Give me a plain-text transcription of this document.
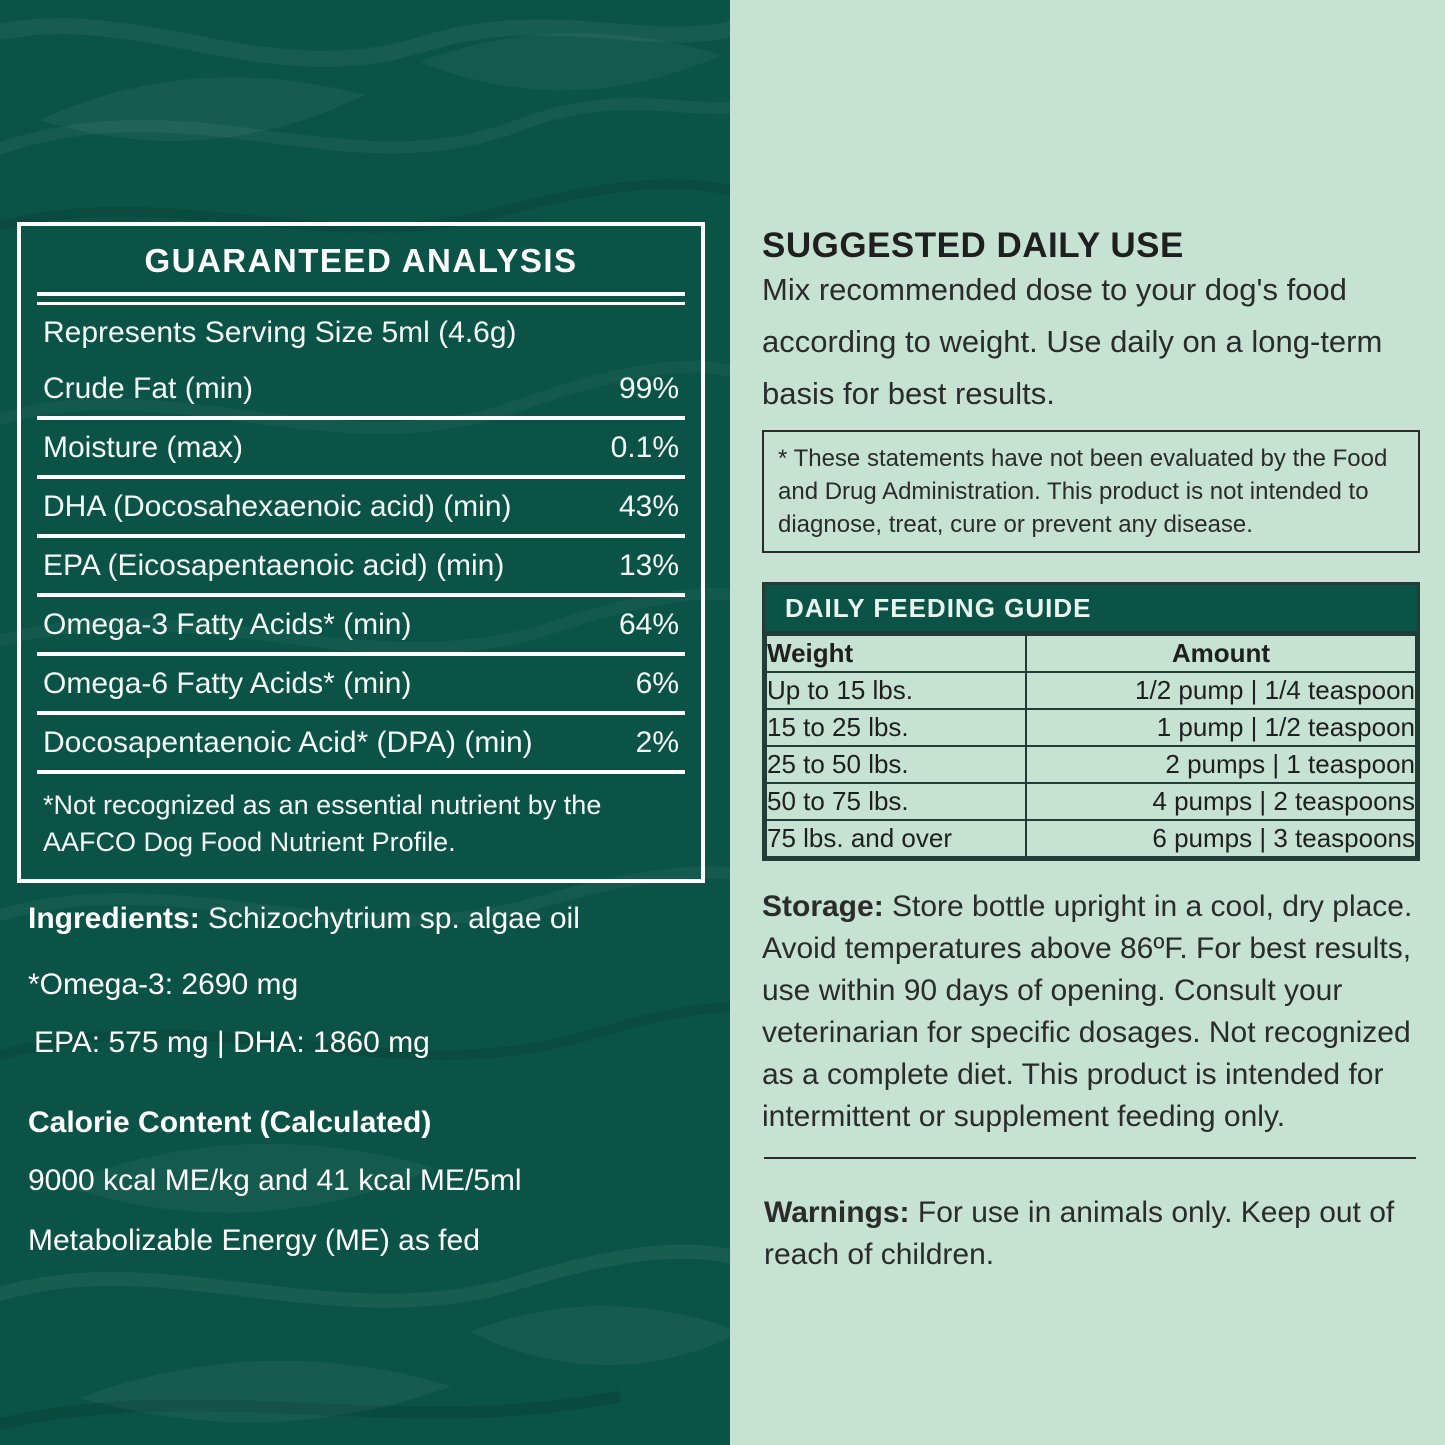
GUARANTEED ANALYSIS
Represents Serving Size 5ml (4.6g)
Crude Fat (min)	99%
Moisture (max)	0.1%
DHA (Docosahexaenoic acid) (min)	43%
EPA (Eicosapentaenoic acid) (min)	13%
Omega-3 Fatty Acids* (min)	64%
Omega-6 Fatty Acids* (min)	6%
Docosapentaenoic Acid* (DPA) (min)	2%
*Not recognized as an essential nutrient by the AAFCO Dog Food Nutrient Profile.

Ingredients: Schizochytrium sp. algae oil

*Omega-3: 2690 mg

EPA: 575 mg | DHA: 1860 mg

Calorie Content (Calculated)

9000 kcal ME/kg and 41 kcal ME/5ml

Metabolizable Energy (ME) as fed

SUGGESTED DAILY USE
Mix recommended dose to your dog's food according to weight. Use daily on a long-term basis for best results.
* These statements have not been evaluated by the Food and Drug Administration. This product is not intended to diagnose, treat, cure or prevent any disease.
DAILY FEEDING GUIDE
Weight	Amount
Up to 15 lbs.	1/2 pump | 1/4 teaspoon
15 to 25 lbs.	1 pump | 1/2 teaspoon
25 to 50 lbs.	2 pumps | 1 teaspoon
50 to 75 lbs.	4 pumps | 2 teaspoons
75 lbs. and over	6 pumps | 3 teaspoons
Storage: Store bottle upright in a cool, dry place. Avoid temperatures above 86ºF. For best results, use within 90 days of opening. Consult your veterinarian for specific dosages. Not recognized as a complete diet. This product is intended for intermittent or supplement feeding only.
Warnings: For use in animals only. Keep out of reach of children.
